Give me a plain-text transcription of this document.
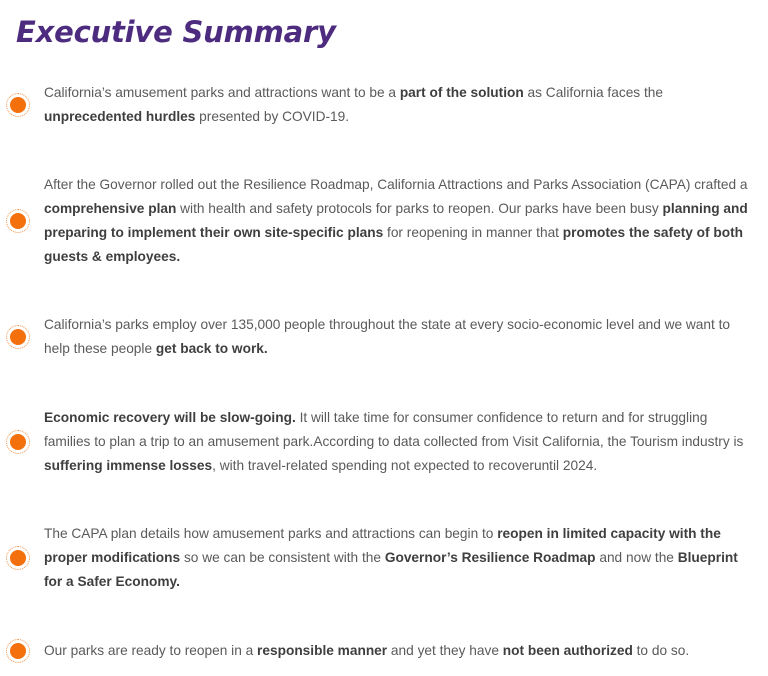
Executive Summary

California’s amusement parks and attractions want to be a part of the solution as California faces the unprecedented hurdles presented by COVID-19.

After the Governor rolled out the Resilience Roadmap, California Attractions and Parks Association (CAPA) crafted a comprehensive plan with health and safety protocols for parks to reopen. Our parks have been busy planning and preparing to implement their own site-specific plans for reopening in manner that promotes the safety of both guests & employees.

California’s parks employ over 135,000 people throughout the state at every socio-economic level and we want to help these people get back to work.

Economic recovery will be slow-going. It will take time for consumer confidence to return and for struggling families to plan a trip to an amusement park.According to data collected from Visit California, the Tourism industry is suffering immense losses, with travel-related spending not expected to recoveruntil 2024.

The CAPA plan details how amusement parks and attractions can begin to reopen in limited capacity with the proper modifications so we can be consistent with the Governor’s Resilience Roadmap and now the Blueprint for a Safer Economy.

Our parks are ready to reopen in a responsible manner and yet they have not been authorized to do so.
